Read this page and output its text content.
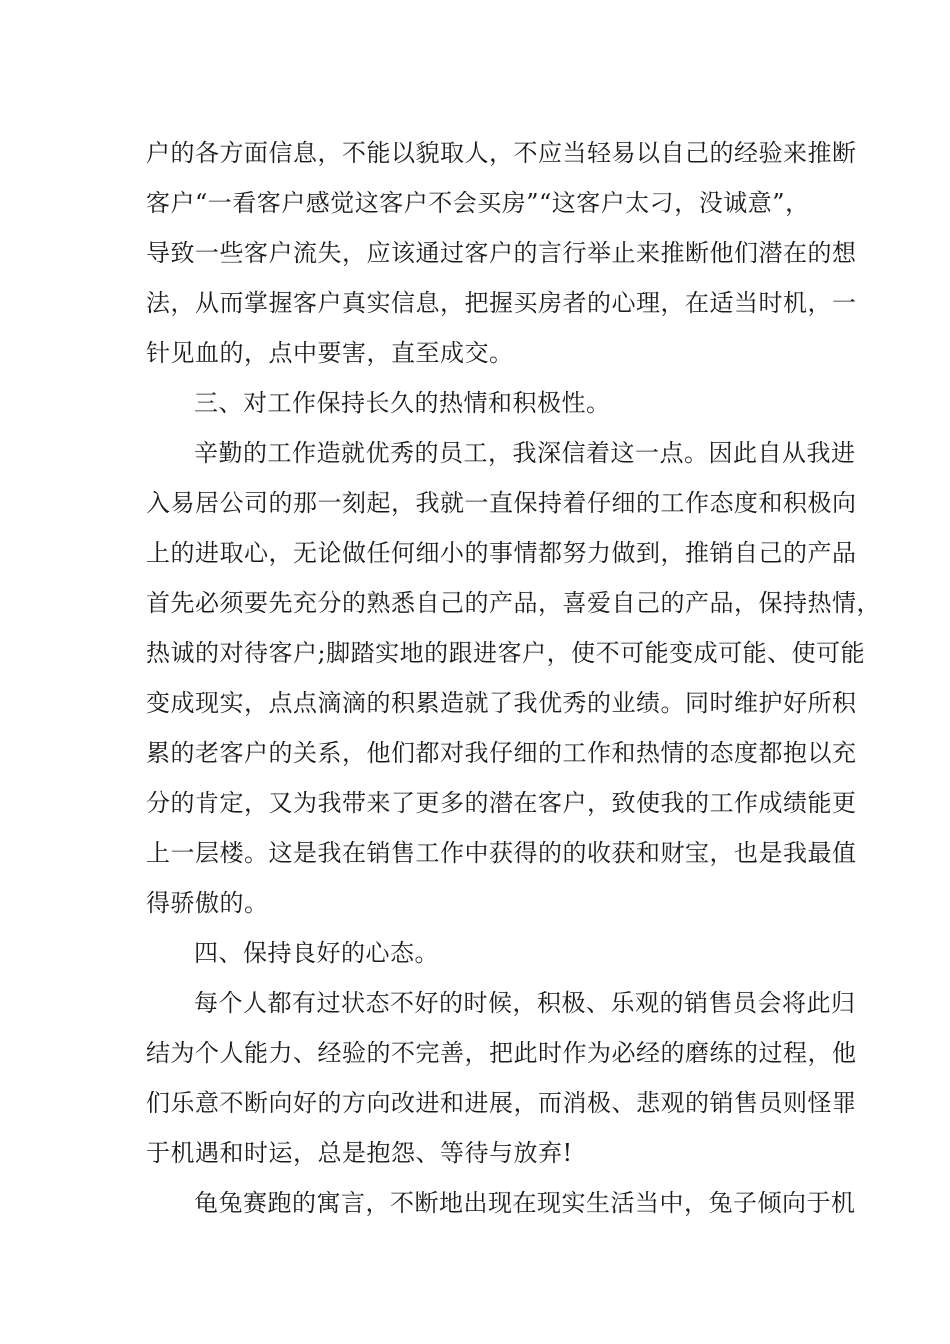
户的各方面信息，不能以貌取人，不应当轻易以自己的经验来推断
客户“一看客户感觉这客户不会买房”“这客户太刁，没诚意”，
导致一些客户流失，应该通过客户的言行举止来推断他们潜在的想
法，从而掌握客户真实信息，把握买房者的心理，在适当时机，一
针见血的，点中要害，直至成交。
三、对工作保持长久的热情和积极性。
辛勤的工作造就优秀的员工，我深信着这一点。因此自从我进
入易居公司的那一刻起，我就一直保持着仔细的工作态度和积极向
上的进取心，无论做任何细小的事情都努力做到，推销自己的产品
首先必须要先充分的熟悉自己的产品，喜爱自己的产品，保持热情，
热诚的对待客户;脚踏实地的跟进客户，使不可能变成可能、使可能
变成现实，点点滴滴的积累造就了我优秀的业绩。同时维护好所积
累的老客户的关系，他们都对我仔细的工作和热情的态度都抱以充
分的肯定，又为我带来了更多的潜在客户，致使我的工作成绩能更
上一层楼。这是我在销售工作中获得的的收获和财宝，也是我最值
得骄傲的。
四、保持良好的心态。
每个人都有过状态不好的时候，积极、乐观的销售员会将此归
结为个人能力、经验的不完善，把此时作为必经的磨练的过程，他
们乐意不断向好的方向改进和进展，而消极、悲观的销售员则怪罪
于机遇和时运，总是抱怨、等待与放弃!
龟兔赛跑的寓言，不断地出现在现实生活当中，兔子倾向于机
